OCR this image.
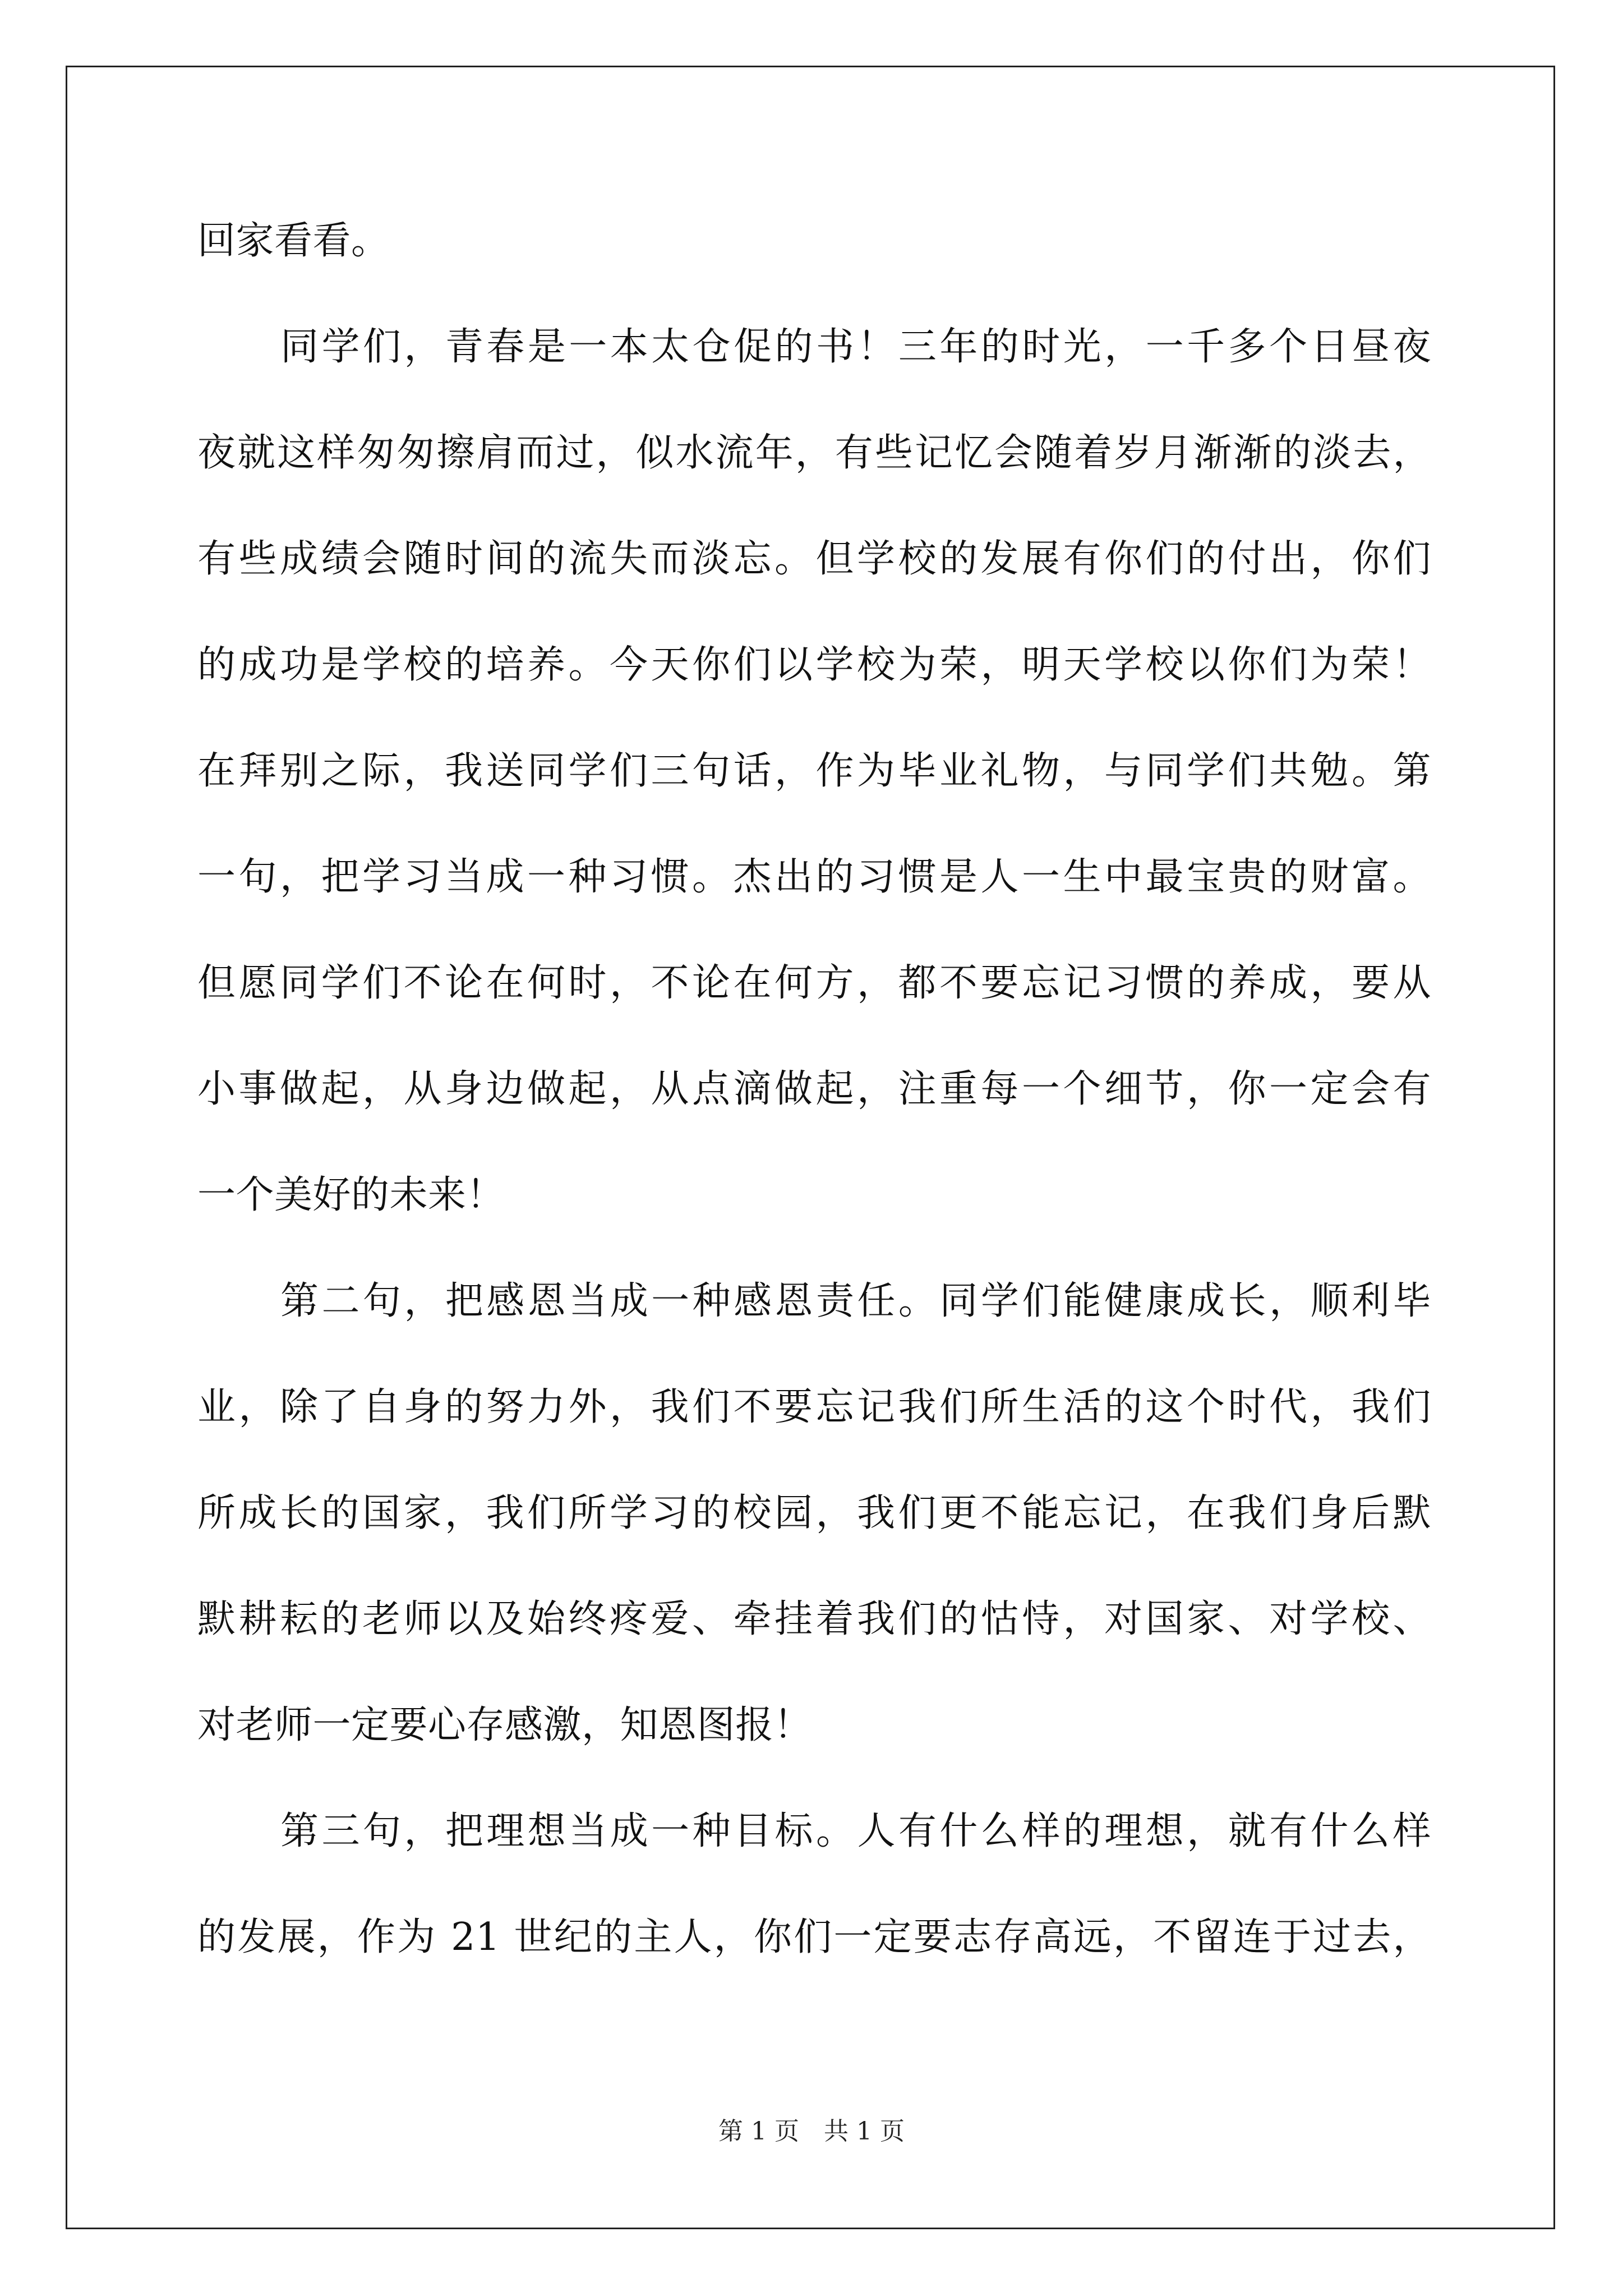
回家看看。
同学们，青春是一本太仓促的书！三年的时光，一千多个日昼夜
夜就这样匆匆擦肩而过，似水流年，有些记忆会随着岁月渐渐的淡去，
有些成绩会随时间的流失而淡忘。但学校的发展有你们的付出，你们
的成功是学校的培养。今天你们以学校为荣，明天学校以你们为荣！
在拜别之际，我送同学们三句话，作为毕业礼物，与同学们共勉。第
一句，把学习当成一种习惯。杰出的习惯是人一生中最宝贵的财富。
但愿同学们不论在何时，不论在何方，都不要忘记习惯的养成，要从
小事做起，从身边做起，从点滴做起，注重每一个细节，你一定会有
一个美好的未来！
第二句，把感恩当成一种感恩责任。同学们能健康成长，顺利毕
业，除了自身的努力外，我们不要忘记我们所生活的这个时代，我们
所成长的国家，我们所学习的校园，我们更不能忘记，在我们身后默
默耕耘的老师以及始终疼爱、牵挂着我们的怙恃，对国家、对学校、
对老师一定要心存感激，知恩图报！
第三句，把理想当成一种目标。人有什么样的理想，就有什么样
的发展，作为 21 世纪的主人，你们一定要志存高远，不留连于过去，
第 1 页　共 1 页
